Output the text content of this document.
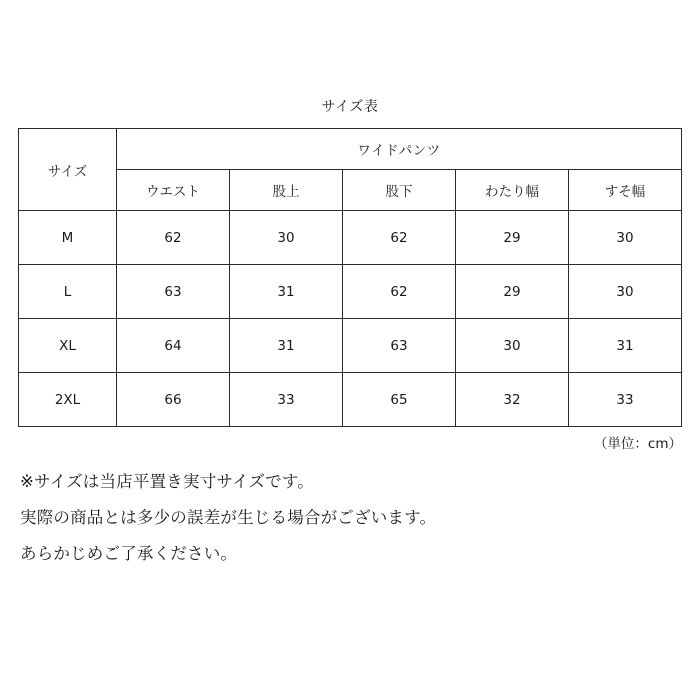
サイズ表
サイズ	ワイドパンツ				
	ウエスト	股上	股下	わたり幅	すそ幅
M	62	30	62	29	30
L	63	31	62	29	30
XL	64	31	63	30	31
2XL	66	33	65	32	33
（単位：cm）

※サイズは当店平置き実寸サイズです。

実際の商品とは多少の誤差が生じる場合がございます。

あらかじめご了承ください。
